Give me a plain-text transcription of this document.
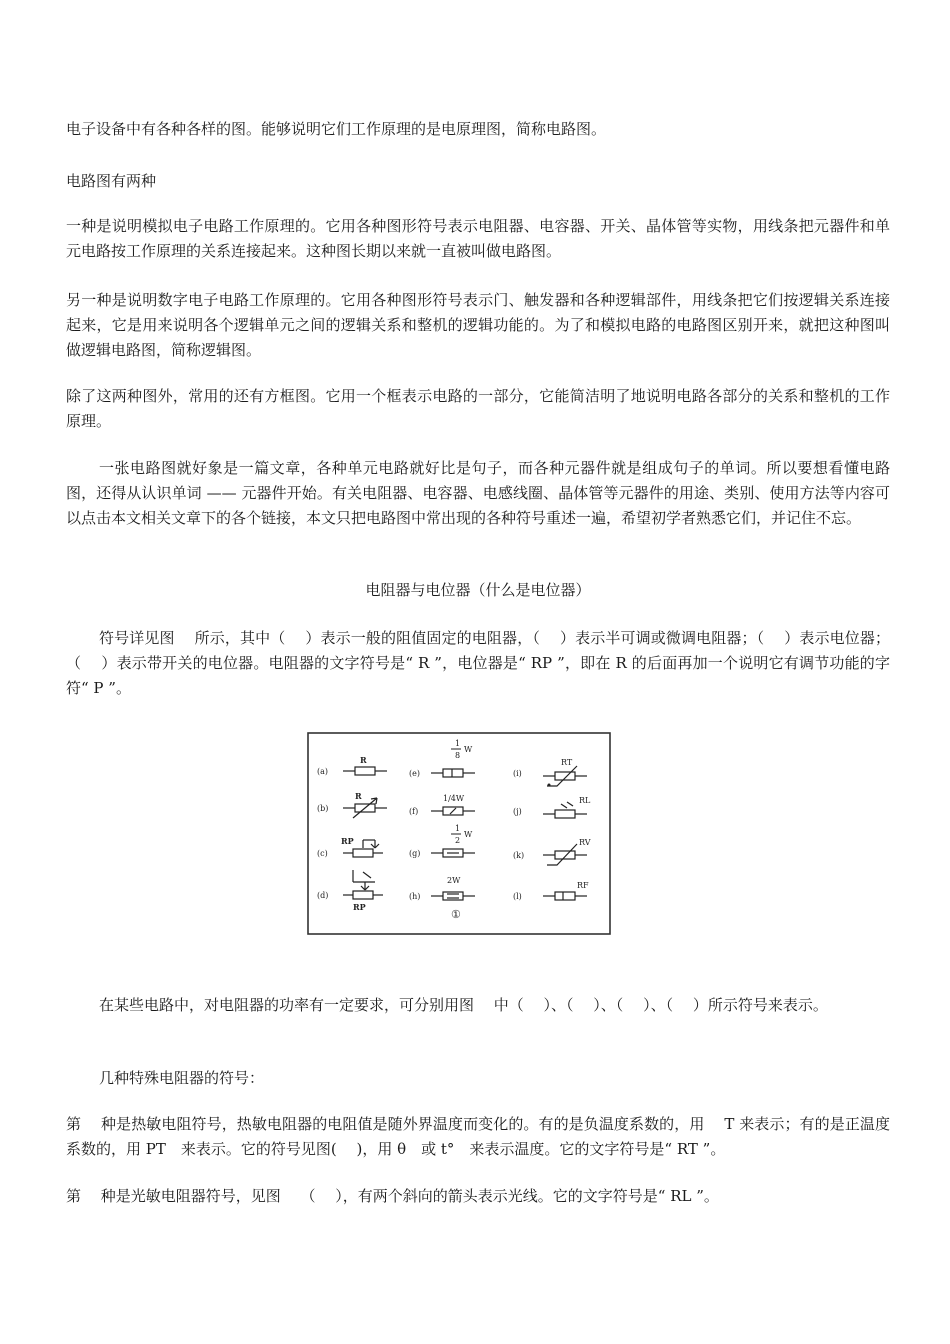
电子设备中有各种各样的图。能够说明它们工作原理的是电原理图，简称电路图。

电路图有两种

一种是说明模拟电子电路工作原理的。它用各种图形符号表示电阻器、电容器、开关、晶体管等实物，用线条把元器件和单元电路按工作原理的关系连接起来。这种图长期以来就一直被叫做电路图。

另一种是说明数字电子电路工作原理的。它用各种图形符号表示门、触发器和各种逻辑部件，用线条把它们按逻辑关系连接起来，它是用来说明各个逻辑单元之间的逻辑关系和整机的逻辑功能的。为了和模拟电路的电路图区别开来，就把这种图叫做逻辑电路图，简称逻辑图。

除了这两种图外，常用的还有方框图。它用一个框表示电路的一部分，它能简洁明了地说明电路各部分的关系和整机的工作原理。

一张电路图就好象是一篇文章，各种单元电路就好比是句子，而各种元器件就是组成句子的单词。所以要想看懂电路图，还得从认识单词 —— 元器件开始。有关电阻器、电容器、电感线圈、晶体管等元器件的用途、类别、使用方法等内容可以点击本文相关文章下的各个链接，本文只把电路图中常出现的各种符号重述一遍，希望初学者熟悉它们，并记住不忘。

电阻器与电位器（什么是电位器）

符号详见图　 所示，其中（　 ）表示一般的阻值固定的电阻器，（　 ）表示半可调或微调电阻器；（　 ）表示电位器；（　 ）表示带开关的电位器。电阻器的文字符号是“ R ”，电位器是“ RP ”，即在 R 的后面再加一个说明它有调节功能的字符“ P ”。

(a)
(b)
(c)
(d)
(e)
(f)
(g)
(h)
(i)
(j)
(k)
(l)
R
R
RP
RP
1
8
W
1/4W
1
2
W
2W
RT
RL
RV
RF
①

在某些电路中，对电阻器的功率有一定要求，可分别用图　 中（　 ）、（　 ）、（　 ）、（　 ）所示符号来表示。

几种特殊电阻器的符号：

第　 种是热敏电阻符号，热敏电阻器的电阻值是随外界温度而变化的。有的是负温度系数的，用　 T 来表示；有的是正温度系数的，用 PT　来表示。它的符号见图(　 )，用 θ　或 t°　来表示温度。它的文字符号是“ RT ”。

第　 种是光敏电阻器符号，见图　 （　 ），有两个斜向的箭头表示光线。它的文字符号是“ RL ”。
